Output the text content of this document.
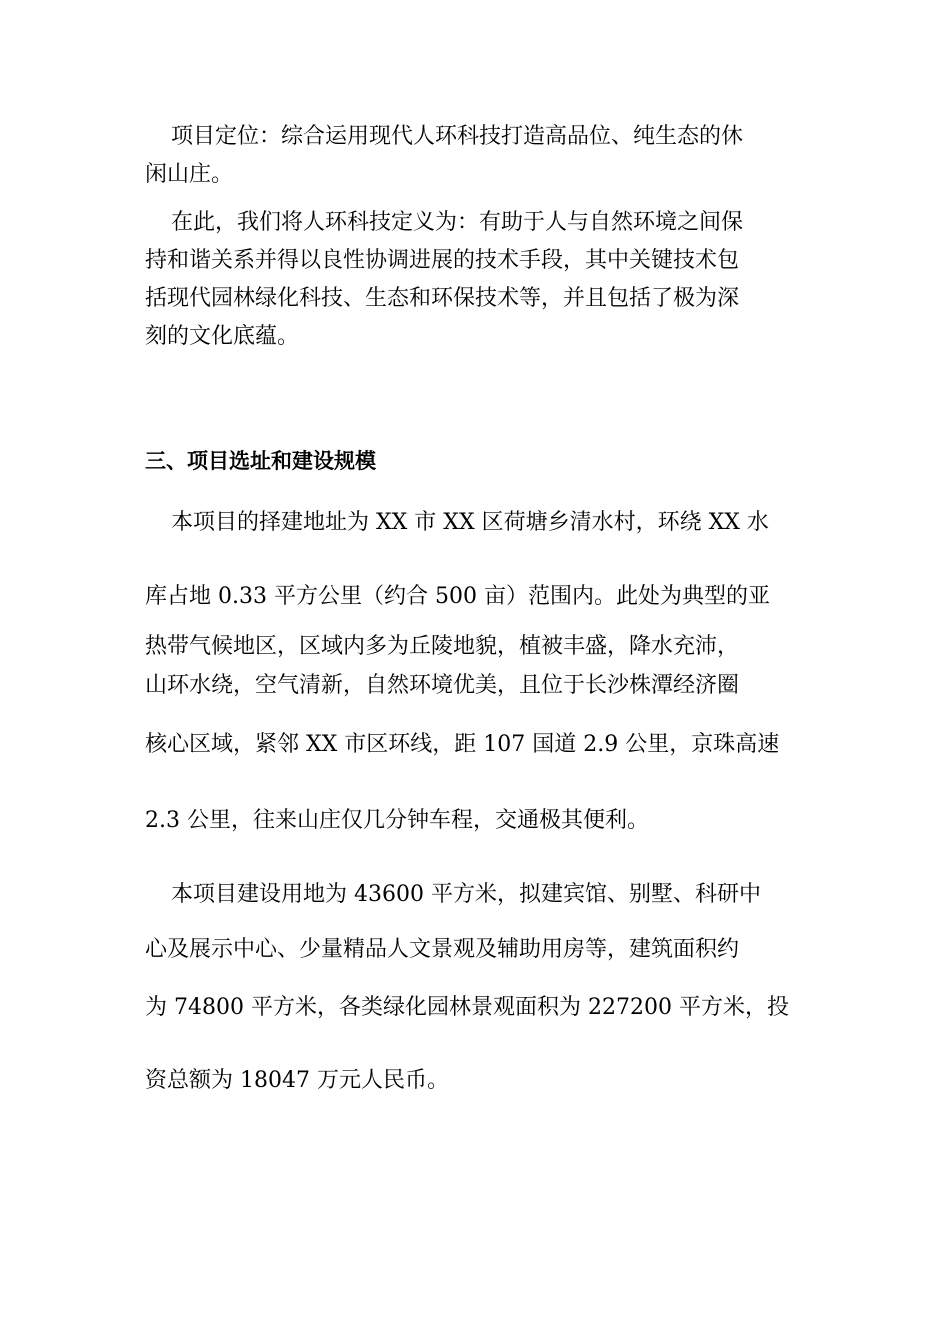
项目定位：综合运用现代人环科技打造高品位、纯生态的休
闲山庄。
在此，我们将人环科技定义为：有助于人与自然环境之间保
持和谐关系并得以良性协调进展的技术手段，其中关键技术包
括现代园林绿化科技、生态和环保技术等，并且包括了极为深
刻的文化底蕴。
三、项目选址和建设规模
本项目的择建地址为 XX 市 XX 区荷塘乡清水村，环绕 XX 水
库占地 0.33 平方公里（约合 500 亩）范围内。此处为典型的亚
热带气候地区，区域内多为丘陵地貌，植被丰盛，降水充沛，
山环水绕，空气清新，自然环境优美，且位于长沙株潭经济圈
核心区域，紧邻 XX 市区环线，距 107 国道 2.9 公里，京珠高速
2.3 公里，往来山庄仅几分钟车程，交通极其便利。
本项目建设用地为 43600 平方米，拟建宾馆、别墅、科研中
心及展示中心、少量精品人文景观及辅助用房等，建筑面积约
为 74800 平方米，各类绿化园林景观面积为 227200 平方米，投
资总额为 18047 万元人民币。
